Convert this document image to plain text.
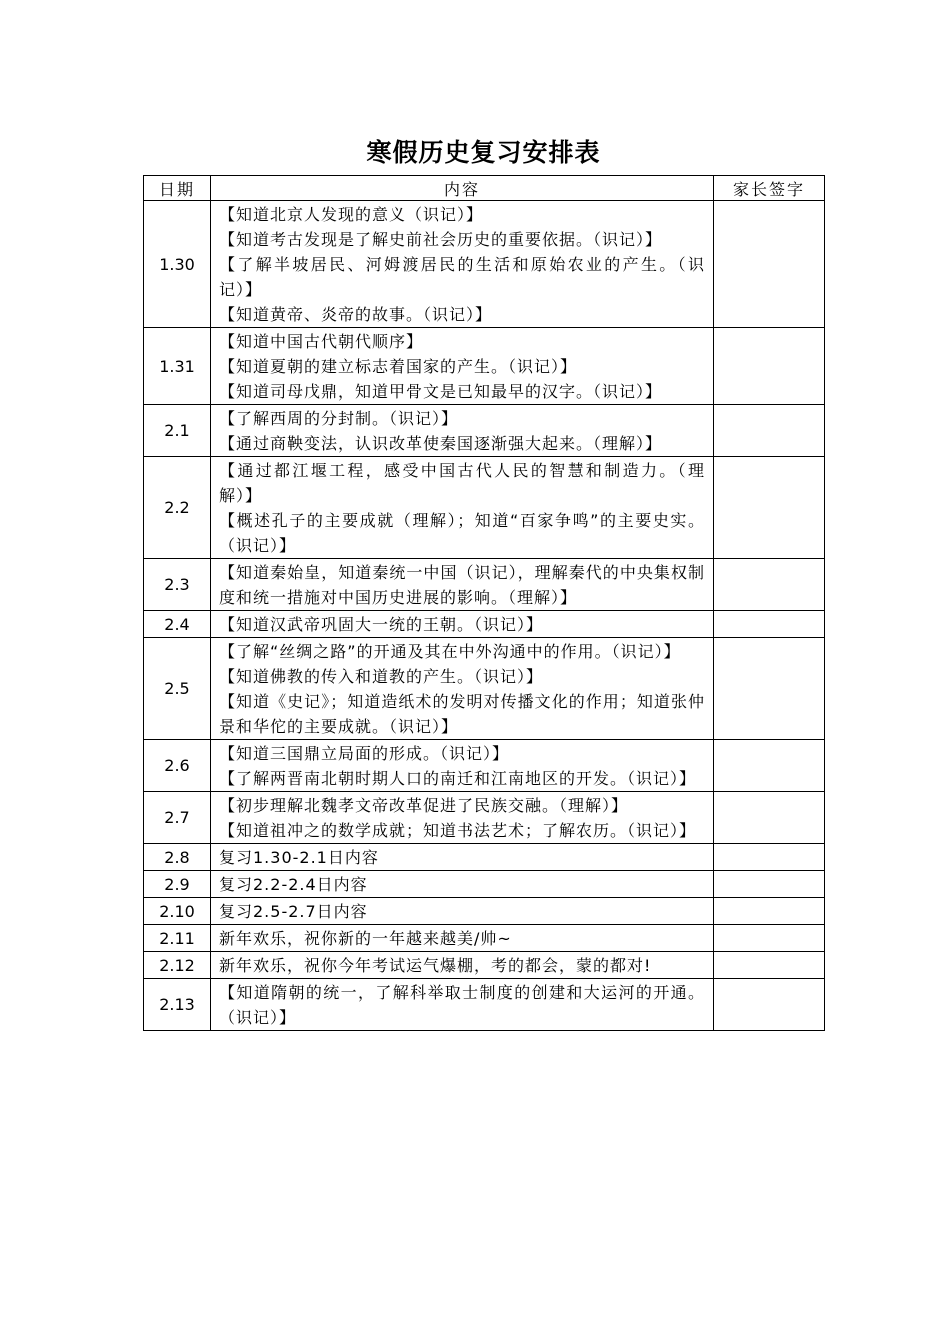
寒假历史复习安排表
日期	内容	家长签字
1.30	【知道北京人发现的意义（识记）】
【知道考古发现是了解史前社会历史的重要依据。（识记）】
【了解半坡居民、河姆渡居民的生活和原始农业的产生。（识记）】
【知道黄帝、炎帝的故事。（识记）】	

1.31	【知道中国古代朝代顺序】
【知道夏朝的建立标志着国家的产生。（识记）】
【知道司母戊鼎，知道甲骨文是已知最早的汉字。（识记）】	

2.1	【了解西周的分封制。（识记）】
【通过商鞅变法，认识改革使秦国逐渐强大起来。（理解）】	

2.2	【通过都江堰工程，感受中国古代人民的智慧和制造力。（理解）】
【概述孔子的主要成就（理解）；知道“百家争鸣”的主要史实。（识记）】	

2.3	【知道秦始皇，知道秦统一中国（识记），理解秦代的中央集权制度和统一措施对中国历史进展的影响。（理解）】	

2.4	【知道汉武帝巩固大一统的王朝。（识记）】	

2.5	【了解“丝绸之路”的开通及其在中外沟通中的作用。（识记）】
【知道佛教的传入和道教的产生。（识记）】
【知道《史记》；知道造纸术的发明对传播文化的作用；知道张仲景和华佗的主要成就。（识记）】	

2.6	【知道三国鼎立局面的形成。（识记）】
【了解两晋南北朝时期人口的南迁和江南地区的开发。（识记）】	

2.7	【初步理解北魏孝文帝改革促进了民族交融。（理解）】
【知道祖冲之的数学成就；知道书法艺术；了解农历。（识记）】	

2.8	复习1.30-2.1日内容	

2.9	复习2.2-2.4日内容	

2.10	复习2.5-2.7日内容	

2.11	新年欢乐，祝你新的一年越来越美/帅~	

2.12	新年欢乐，祝你今年考试运气爆棚，考的都会，蒙的都对!	

2.13	【知道隋朝的统一，了解科举取士制度的创建和大运河的开通。（识记）】	
